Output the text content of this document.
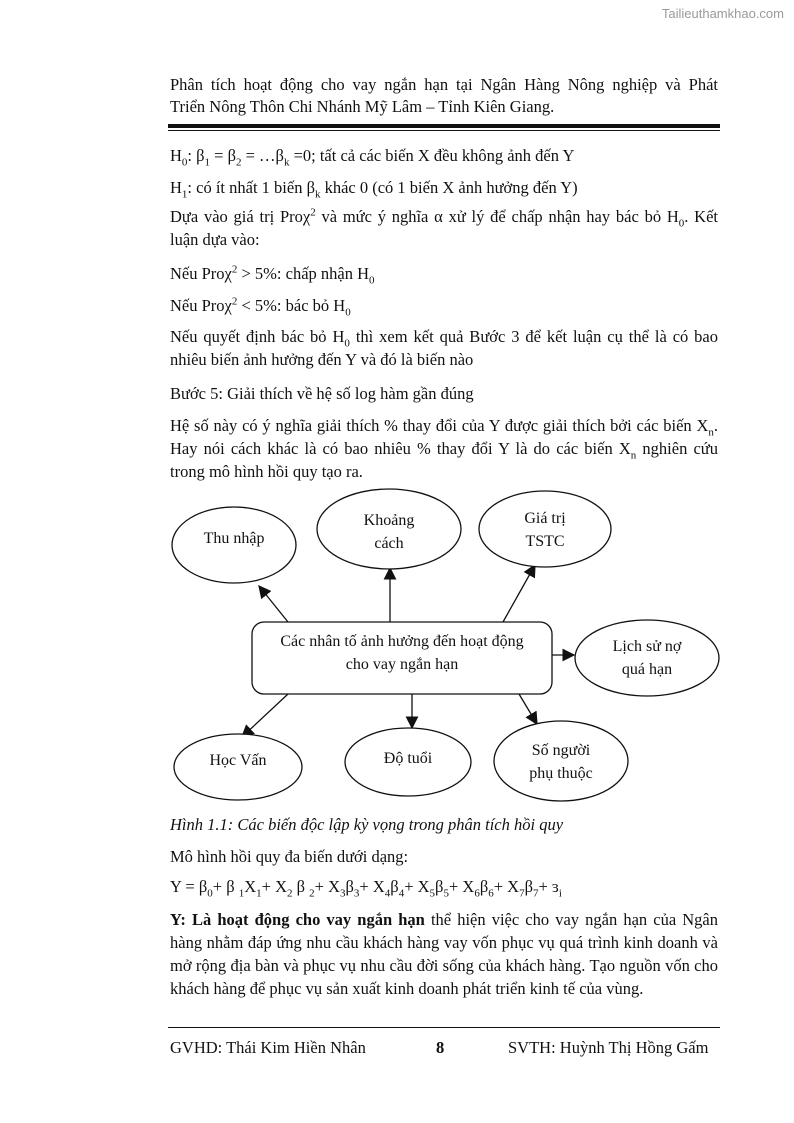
Tailieuthamkhao.com
Phân tích hoạt động cho vay ngắn hạn tại Ngân Hàng Nông nghiệp và Phát
Triển Nông Thôn Chi Nhánh Mỹ Lâm – Tỉnh Kiên Giang.

$H_0$: $\beta_1 = \beta_2$ = $\dots\beta_k =0$; tất cả các biến X đều không ảnh đến Y

$H_1$: có ít nhất 1 biến $\beta_k$ khác 0 (có 1 biến X ảnh hưởng đến Y)

Dựa vào giá trị Proχ$^2$ và mức ý nghĩa α xử lý để chấp nhận hay bác bỏ $H_0$. Kết luận dựa vào:

Nếu Proχ$^2$ > 5%: chấp nhận $H_0$

Nếu Proχ$^2$ < 5%: bác bỏ $H_0$

Nếu quyết định bác bỏ $H_0$ thì xem kết quả Bước 3 để kết luận cụ thể là có bao nhiêu biến ảnh hưởng đến Y và đó là biến nào

Bước 5: Giải thích về hệ số log hàm gần đúng

Hệ số này có ý nghĩa giải thích % thay đổi của Y được giải thích bởi các biến $X_n$. Hay nói cách khác là có bao nhiêu % thay đổi Y là do các biến $X_n$ nghiên cứu trong mô hình hồi quy tạo ra.

Các nhân tố ảnh hưởng đến hoạt động
cho vay ngắn hạn
Thu nhập
Khoảng
cách
Giá trị
TSTC
Lịch sử nợ
quá hạn
Học Vấn	Độ tuổi	Số người
phụ thuộc

Hình 1.1: Các biến độc lập kỳ vọng trong phân tích hồi quy

Mô hình hồi quy đa biến dưới dạng:

$Y = \beta_0+ \beta$ $_1X_1+ X_2$ β $_2+ X_3\beta_3+ X_4\beta_4+ X_5\beta_5+ X_6\beta_6+ X_7\beta_7+$ ɜ$_i$

Y: Là hoạt động cho vay ngắn hạn thể hiện việc cho vay ngắn hạn của Ngân hàng nhằm đáp ứng nhu cầu khách hàng vay vốn phục vụ quá trình kinh doanh và mở rộng địa bàn và phục vụ nhu cầu đời sống của khách hàng. Tạo nguồn vốn cho khách hàng để phục vụ sản xuất kinh doanh phát triển kinh tế của vùng.

GVHD: Thái Kim Hiền Nhân	8	SVTH: Huỳnh Thị Hồng Gấm
